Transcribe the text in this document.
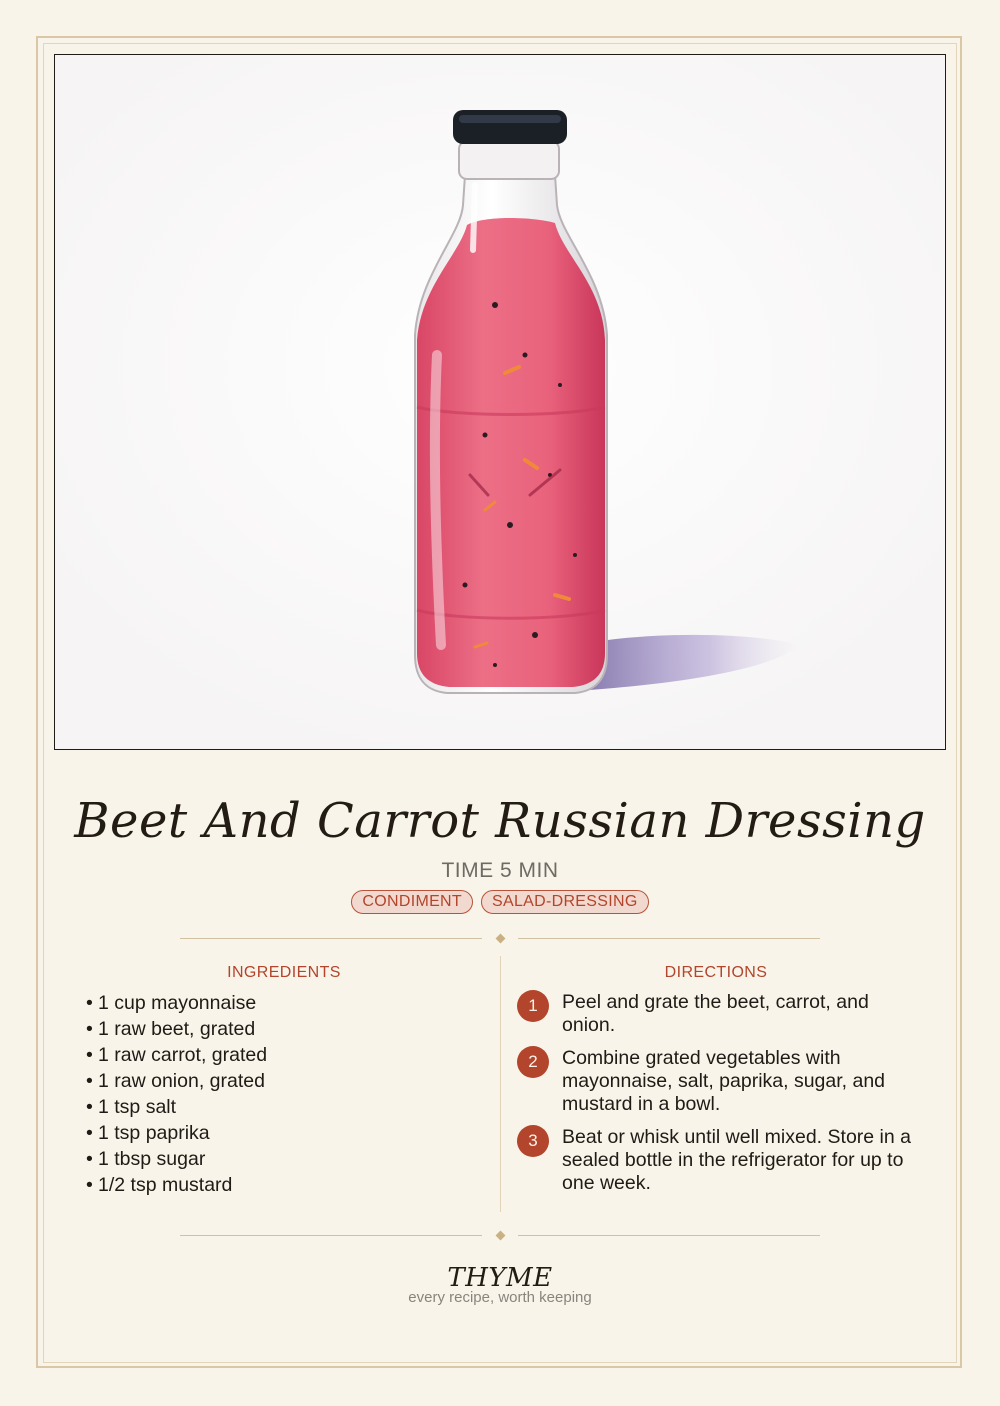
Beet And Carrot Russian Dressing
TIME 5 MIN
CONDIMENT	SALAD-DRESSING
INGREDIENTS
• 1 cup mayonnaise
• 1 raw beet, grated
• 1 raw carrot, grated
• 1 raw onion, grated
• 1 tsp salt
• 1 tsp paprika
• 1 tbsp sugar
• 1/2 tsp mustard
DIRECTIONS
1	Peel and grate the beet, carrot, and onion.
2	Combine grated vegetables with mayonnaise, salt, paprika, sugar, and mustard in a bowl.
3	Beat or whisk until well mixed. Store in a sealed bottle in the refrigerator for up to one week.
THYME
every recipe, worth keeping
